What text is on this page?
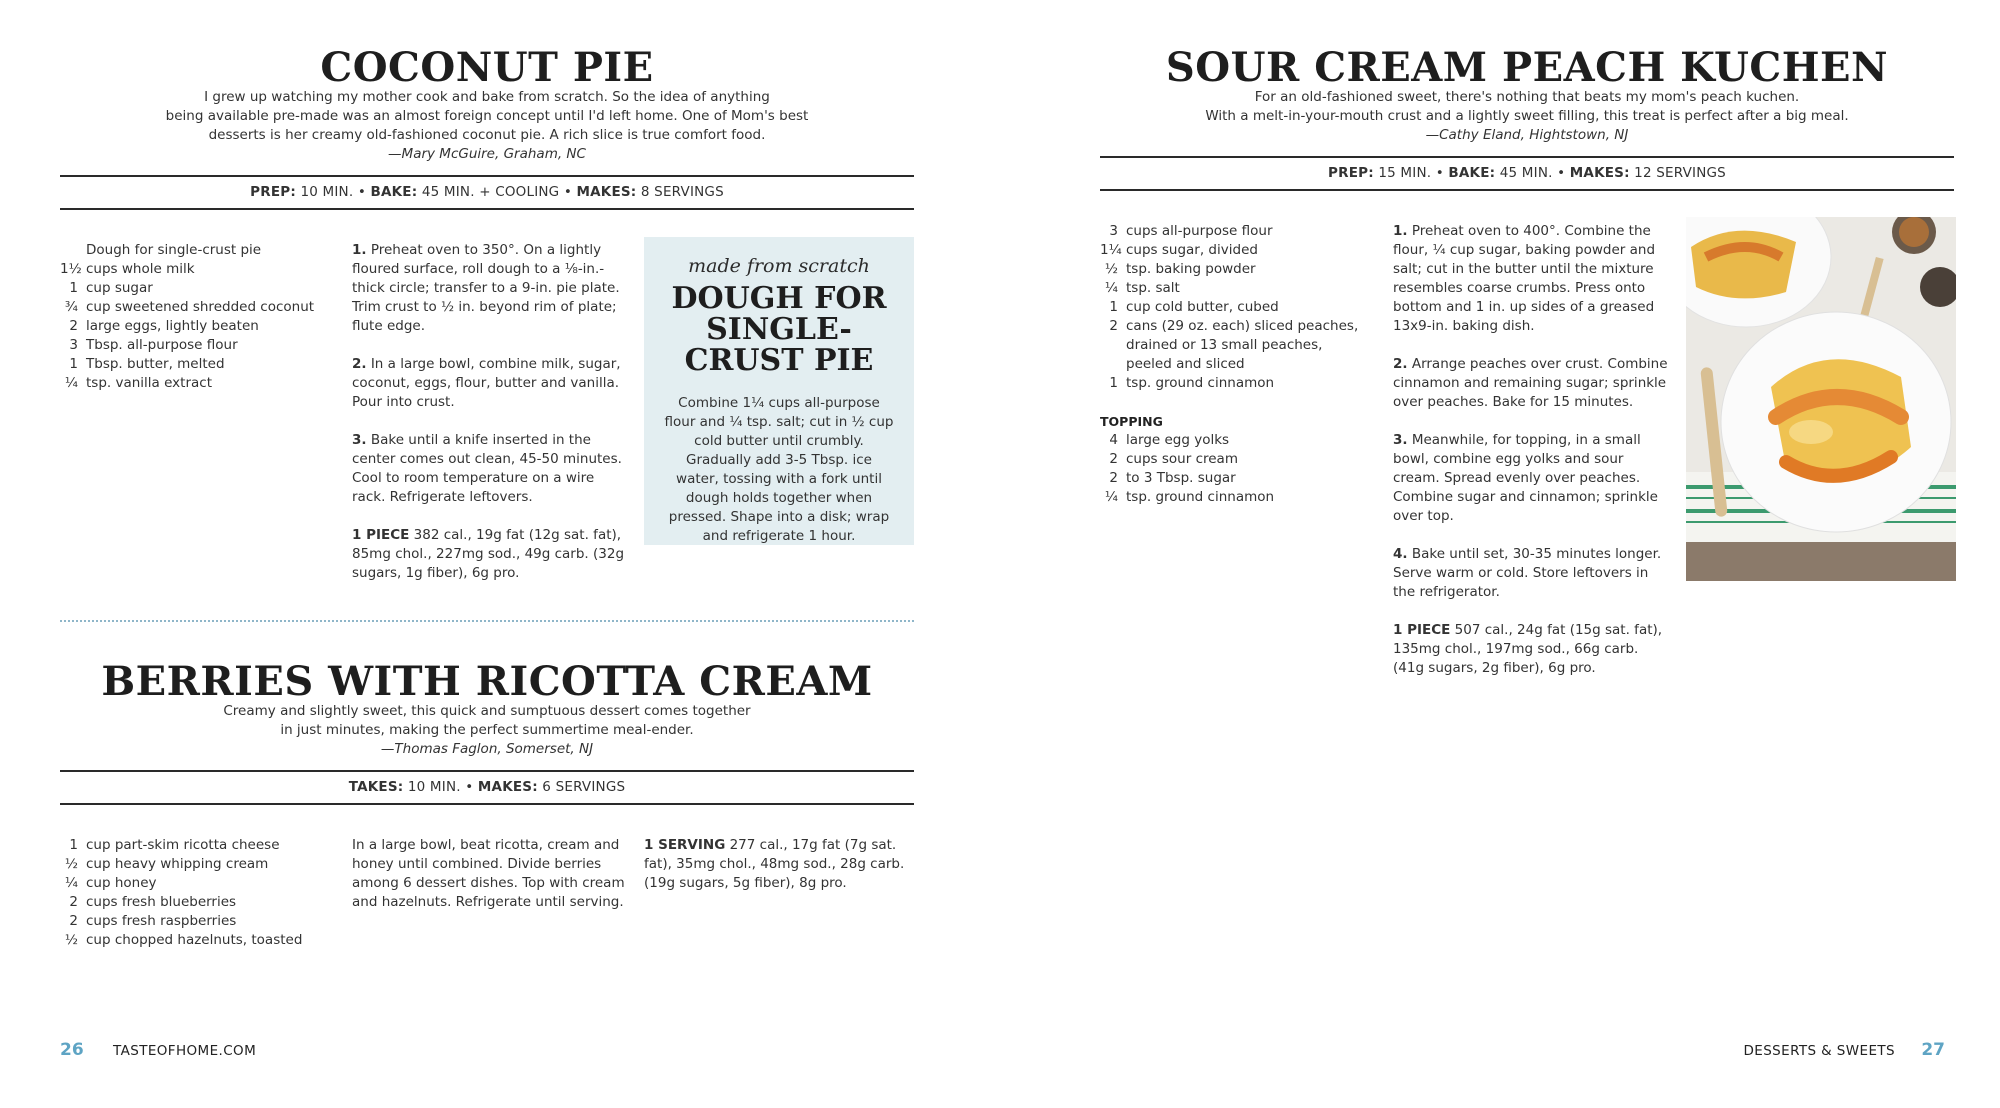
COCONUT PIE
I grew up watching my mother cook and bake from scratch. So the idea of anything
being available pre-made was an almost foreign concept until I'd left home. One of Mom's best
desserts is her creamy old-fashioned coconut pie. A rich slice is true comfort food.
—Mary McGuire, Graham, NC
PREP: 10 MIN. • BAKE: 45 MIN. + COOLING • MAKES: 8 SERVINGS
Dough for single-crust pie
1½ cups whole milk
1 cup sugar
¾ cup sweetened shredded coconut
2 large eggs, lightly beaten
3 Tbsp. all-purpose flour
1 Tbsp. butter, melted
¼ tsp. vanilla extract

1. Preheat oven to 350°. On a lightly floured surface, roll dough to a ⅛-in.-thick circle; transfer to a 9-in. pie plate. Trim crust to ½ in. beyond rim of plate; flute edge.

2. In a large bowl, combine milk, sugar, coconut, eggs, flour, butter and vanilla. Pour into crust.

3. Bake until a knife inserted in the center comes out clean, 45-50 minutes. Cool to room temperature on a wire rack. Refrigerate leftovers.

1 PIECE 382 cal., 19g fat (12g sat. fat), 85mg chol., 227mg sod., 49g carb. (32g sugars, 1g fiber), 6g pro.

made from scratch
DOUGH FOR SINGLE-CRUST PIE
Combine 1¼ cups all-purpose flour and ¼ tsp. salt; cut in ½ cup cold butter until crumbly. Gradually add 3-5 Tbsp. ice water, tossing with a fork until dough holds together when pressed. Shape into a disk; wrap and refrigerate 1 hour.
BERRIES WITH RICOTTA CREAM
Creamy and slightly sweet, this quick and sumptuous dessert comes together
in just minutes, making the perfect summertime meal-ender.
—Thomas Faglon, Somerset, NJ
TAKES: 10 MIN. • MAKES: 6 SERVINGS
1 cup part-skim ricotta cheese
½ cup heavy whipping cream
¼ cup honey
2 cups fresh blueberries
2 cups fresh raspberries
½ cup chopped hazelnuts, toasted

In a large bowl, beat ricotta, cream and honey until combined. Divide berries among 6 dessert dishes. Top with cream and hazelnuts. Refrigerate until serving.

1 SERVING 277 cal., 17g fat (7g sat. fat), 35mg chol., 48mg sod., 28g carb. (19g sugars, 5g fiber), 8g pro.
SOUR CREAM PEACH KUCHEN
For an old-fashioned sweet, there's nothing that beats my mom's peach kuchen.
With a melt-in-your-mouth crust and a lightly sweet filling, this treat is perfect after a big meal.
—Cathy Eland, Hightstown, NJ
PREP: 15 MIN. • BAKE: 45 MIN. • MAKES: 12 SERVINGS
3 cups all-purpose flour
1¼ cups sugar, divided
½ tsp. baking powder
¼ tsp. salt
1 cup cold butter, cubed
2 cans (29 oz. each) sliced peaches, drained or 13 small peaches, peeled and sliced
1 tsp. ground cinnamon
TOPPING
4 large egg yolks
2 cups sour cream
2 to 3 Tbsp. sugar
¼ tsp. ground cinnamon

1. Preheat oven to 400°. Combine the flour, ¼ cup sugar, baking powder and salt; cut in the butter until the mixture resembles coarse crumbs. Press onto bottom and 1 in. up sides of a greased 13x9-in. baking dish.

2. Arrange peaches over crust. Combine cinnamon and remaining sugar; sprinkle over peaches. Bake for 15 minutes.

3. Meanwhile, for topping, in a small bowl, combine egg yolks and sour cream. Spread evenly over peaches. Combine sugar and cinnamon; sprinkle over top.

4. Bake until set, 30-35 minutes longer. Serve warm or cold. Store leftovers in the refrigerator.

1 PIECE 507 cal., 24g fat (15g sat. fat), 135mg chol., 197mg sod., 66g carb. (41g sugars, 2g fiber), 6g pro.

26 TASTEOFHOME.COM	DESSERTS & SWEETS 27
